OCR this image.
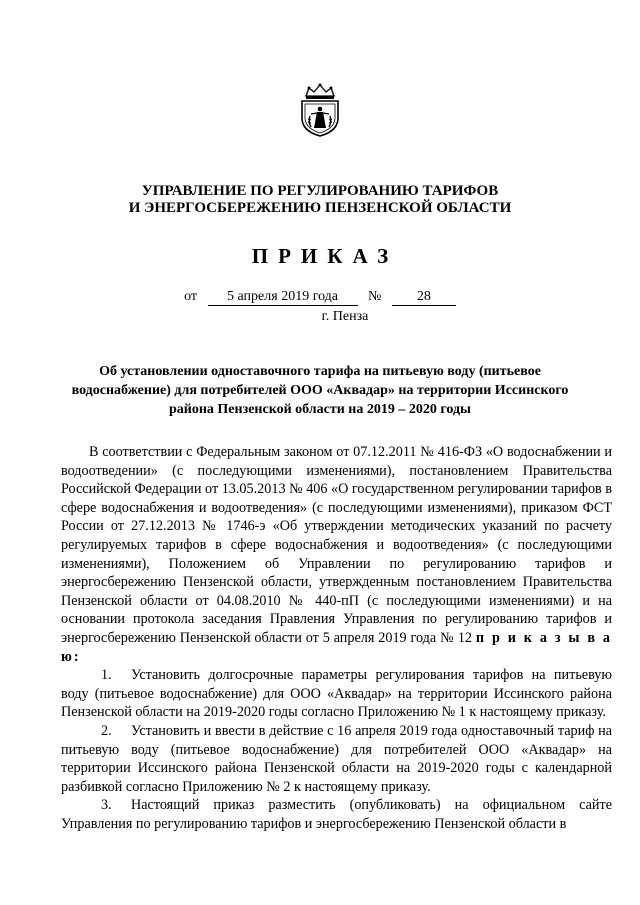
УПРАВЛЕНИЕ ПО РЕГУЛИРОВАНИЮ ТАРИФОВ
И ЭНЕРГОСБЕРЕЖЕНИЮ ПЕНЗЕНСКОЙ ОБЛАСТИ
ПРИКАЗ
от 5 апреля 2019 года №	28
г. Пенза
Об установлении одноставочного тарифа на питьевую воду (питьевое водоснабжение) для потребителей ООО «Аквадар» на территории Иссинского района Пензенской области на 2019 – 2020 годы

В соответствии с Федеральным законом от 07.12.2011 № 416-ФЗ «О водоснабжении и водоотведении» (с последующими изменениями), постановлением Правительства Российской Федерации от 13.05.2013 № 406 «О государственном регулировании тарифов в сфере водоснабжения и водоотведения» (с последующими изменениями), приказом ФСТ России от 27.12.2013 № 1746-э «Об утверждении методических указаний по расчету регулируемых тарифов в сфере водоснабжения и водоотведения» (с последующими изменениями), Положением об Управлении по регулированию тарифов и энергосбережению Пензенской области, утвержденным постановлением Правительства Пензенской области от 04.08.2010 № 440-пП (с последующими изменениями) и на основании протокола заседания Правления Управления по регулированию тарифов и энергосбережению Пензенской области от 5 апреля 2019 года № 12 п р и к а з ы в а ю:

1. Установить долгосрочные параметры регулирования тарифов на питьевую воду (питьевое водоснабжение) для ООО «Аквадар» на территории Иссинского района Пензенской области на 2019-2020 годы согласно Приложению № 1 к настоящему приказу.

2. Установить и ввести в действие с 16 апреля 2019 года одноставочный тариф на питьевую воду (питьевое водоснабжение) для потребителей ООО «Аквадар» на территории Иссинского района Пензенской области на 2019-2020 годы с календарной разбивкой согласно Приложению № 2 к настоящему приказу.

3. Настоящий приказ разместить (опубликовать) на официальном сайте Управления по регулированию тарифов и энергосбережению Пензенской области в
